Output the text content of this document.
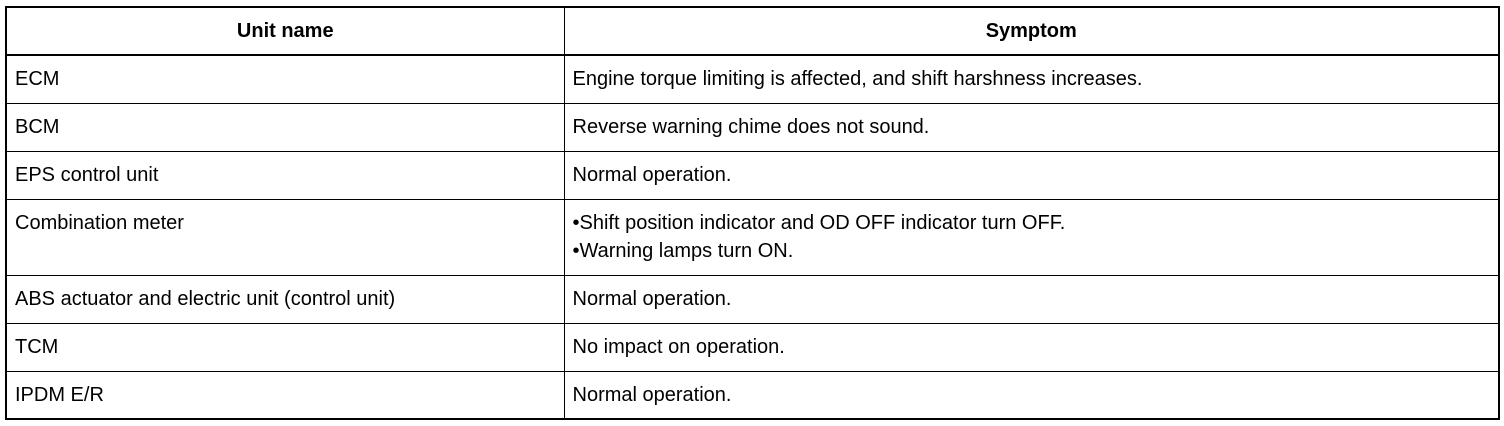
Unit name	Symptom
ECM	Engine torque limiting is affected, and shift harshness increases.

BCM	Reverse warning chime does not sound.

EPS control unit	Normal operation.

Combination meter	•Shift position indicator and OD OFF indicator turn OFF.
•Warning lamps turn ON.

ABS actuator and electric unit (control unit)	Normal operation.

TCM	No impact on operation.

IPDM E/R	Normal operation.
